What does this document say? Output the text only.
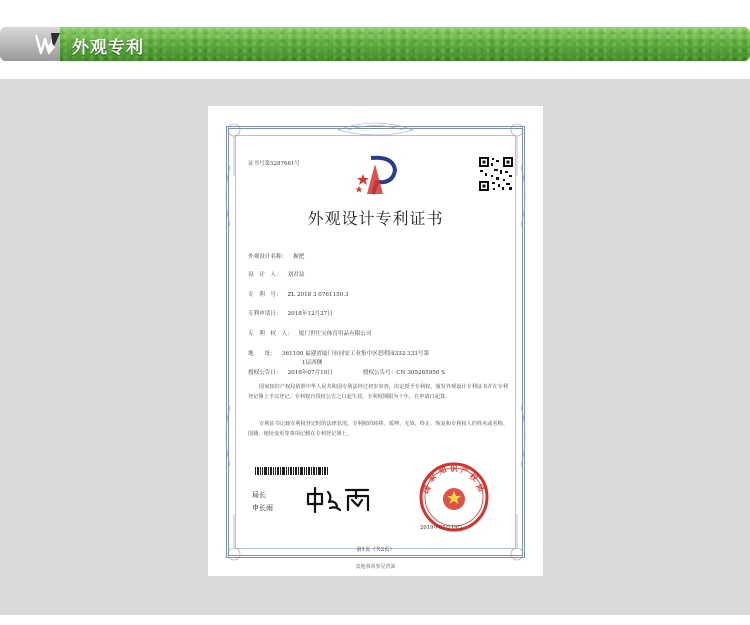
外观专利
证书号第5287661号
外观设计专利证书
外观设计名称： 握把
设　计　人： 刘君益
专　利　号： ZL 2018 3 0761150.3
专利申请日： 2018年12月27日
专　利　权　人： 厦门世仕宝体育用品有限公司
地　　址： 361100 福建省厦门市同安工业集中区思明园332-333号第
1层西侧
授权公告日： 2019年07月19日	授权公告号：CN 305265956 S
国家知识产权局依照中华人民共和国专利法经过初步审查，决定授予专利权，颁发外观设计专利证书并在专利登记簿上予以登记。专利权自授权公告之日起生效。专利权期限为十年，自申请日起算。
专利证书记载专利权登记时的法律状况。专利权的转移、质押、无效、终止、恢复和专利权人的姓名或名称、国籍、地址变更等事项记载在专利登记簿上。
局长
申长雨
国
家
知 识 产
权
局
2019年07月19日
第1页（共2页）
其他事项参见背面
